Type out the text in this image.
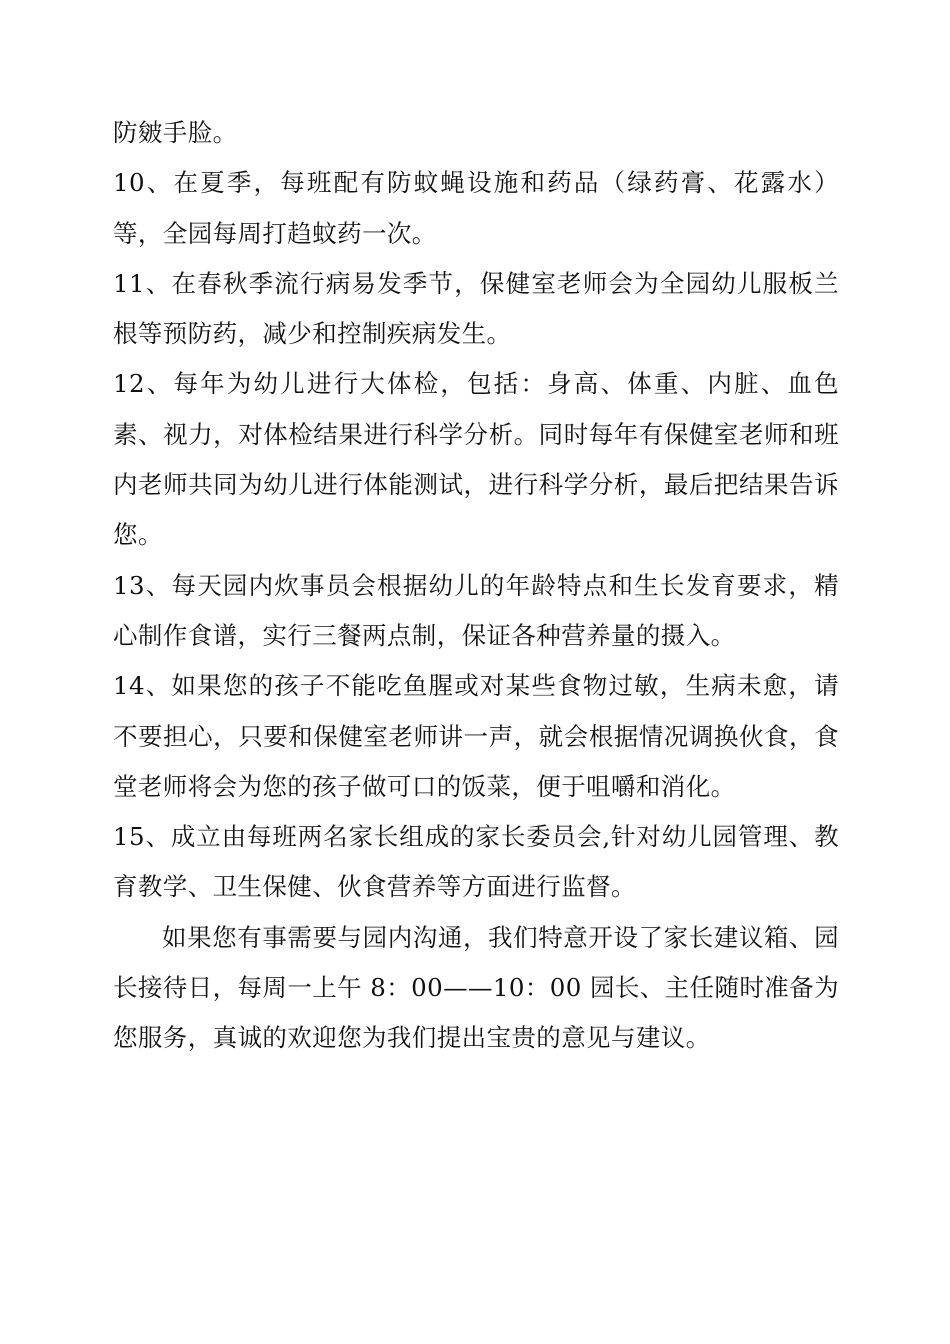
防皴手脸。

10、在夏季，每班配有防蚊蝇设施和药品（绿药膏、花露水）等，全园每周打趋蚊药一次。

11、在春秋季流行病易发季节，保健室老师会为全园幼儿服板兰根等预防药，减少和控制疾病发生。

12、每年为幼儿进行大体检，包括：身高、体重、内脏、血色素、视力，对体检结果进行科学分析。同时每年有保健室老师和班内老师共同为幼儿进行体能测试，进行科学分析，最后把结果告诉您。

13、每天园内炊事员会根据幼儿的年龄特点和生长发育要求，精心制作食谱，实行三餐两点制，保证各种营养量的摄入。

14、如果您的孩子不能吃鱼腥或对某些食物过敏，生病未愈，请不要担心，只要和保健室老师讲一声，就会根据情况调换伙食，食堂老师将会为您的孩子做可口的饭菜，便于咀嚼和消化。

15、成立由每班两名家长组成的家长委员会,针对幼儿园管理、教育教学、卫生保健、伙食营养等方面进行监督。

如果您有事需要与园内沟通，我们特意开设了家长建议箱、园长接待日，每周一上午 8：00——10：00 园长、主任随时准备为您服务，真诚的欢迎您为我们提出宝贵的意见与建议。
